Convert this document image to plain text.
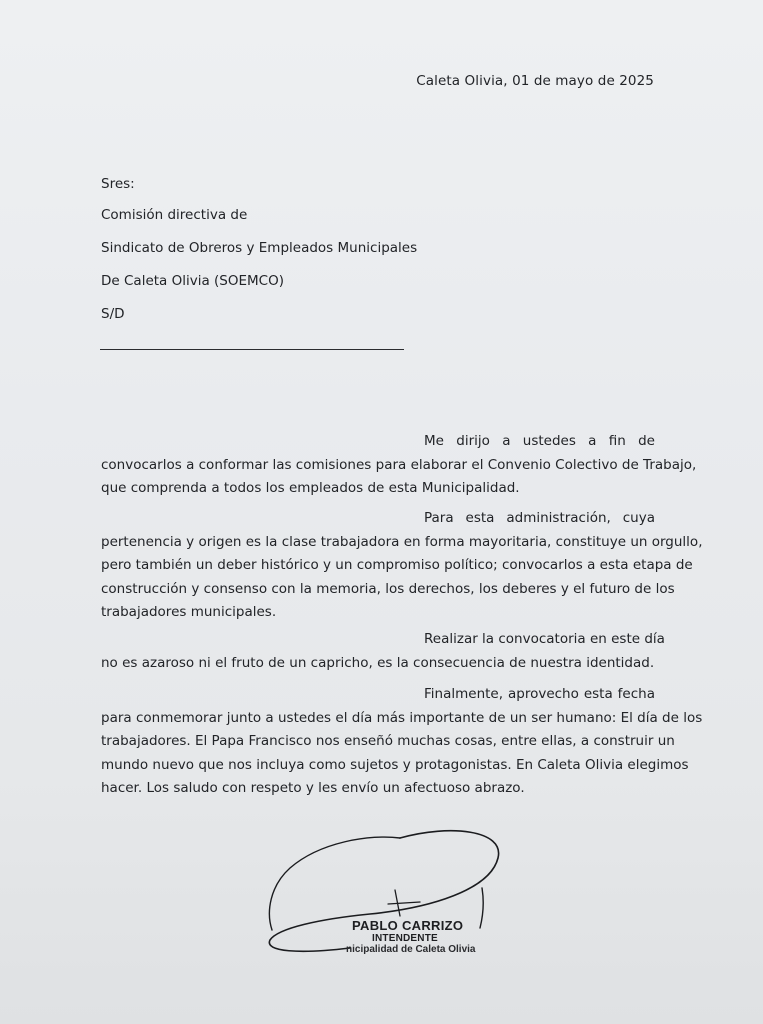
Caleta Olivia, 01 de mayo de 2025
Sres:
Comisión directiva de
Sindicato de Obreros y Empleados Municipales
De Caleta Olivia (SOEMCO)
S/D
Me dirijo a ustedes a fin de
convocarlos a conformar las comisiones para elaborar el Convenio Colectivo de Trabajo,
que comprenda a todos los empleados de esta Municipalidad.
Para esta administración, cuya
pertenencia y origen es la clase trabajadora en forma mayoritaria, constituye un orgullo,
pero también un deber histórico y un compromiso político; convocarlos a esta etapa de
construcción y consenso con la memoria, los derechos, los deberes y el futuro de los
trabajadores municipales.
Realizar la convocatoria en este día
no es azaroso ni el fruto de un capricho, es la consecuencia de nuestra identidad.
Finalmente, aprovecho esta fecha
para conmemorar junto a ustedes el día más importante de un ser humano: El día de los
trabajadores. El Papa Francisco nos enseñó muchas cosas, entre ellas, a construir un
mundo nuevo que nos incluya como sujetos y protagonistas. En Caleta Olivia elegimos
hacer. Los saludo con respeto y les envío un afectuoso abrazo.
PABLO CARRIZO
INTENDENTE
nicipalidad de Caleta Olivia
